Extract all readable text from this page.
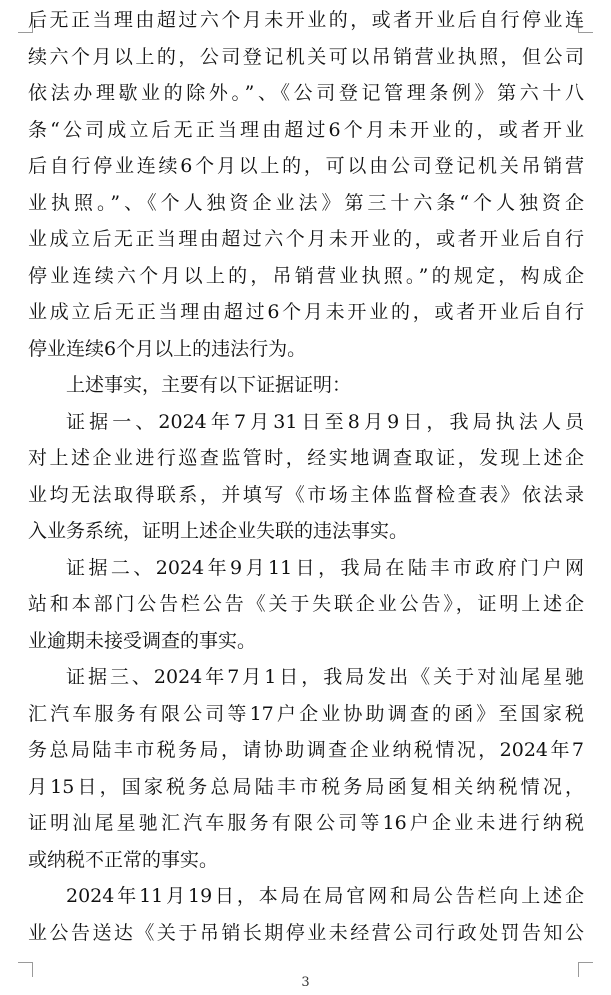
后无正当理由超过六个月未开业的，或者开业后自行停业连
续六个月以上的，公司登记机关可以吊销营业执照，但公司
依法办理歇业的除外。”、《公司登记管理条例》第六十八
条“公司成立后无正当理由超过6个月未开业的，或者开业
后自行停业连续6个月以上的，可以由公司登记机关吊销营
业执照。”、《个人独资企业法》第三十六条“个人独资企
业成立后无正当理由超过六个月未开业的，或者开业后自行
停业连续六个月以上的，吊销营业执照。”的规定，构成企
业成立后无正当理由超过6个月未开业的，或者开业后自行
停业连续6个月以上的违法行为。
上述事实，主要有以下证据证明：
证据一、2024年7月31日至8月9日，我局执法人员
对上述企业进行巡查监管时，经实地调查取证，发现上述企
业均无法取得联系，并填写《市场主体监督检查表》依法录
入业务系统，证明上述企业失联的违法事实。
证据二、2024年9月11日，我局在陆丰市政府门户网
站和本部门公告栏公告《关于失联企业公告》，证明上述企
业逾期未接受调查的事实。
证据三、2024年7月1日，我局发出《关于对汕尾星驰
汇汽车服务有限公司等17户企业协助调查的函》至国家税
务总局陆丰市税务局，请协助调查企业纳税情况，2024年7
月15日，国家税务总局陆丰市税务局函复相关纳税情况，
证明汕尾星驰汇汽车服务有限公司等16户企业未进行纳税
或纳税不正常的事实。
2024年11月19日，本局在局官网和局公告栏向上述企
业公告送达《关于吊销长期停业未经营公司行政处罚告知公
3
